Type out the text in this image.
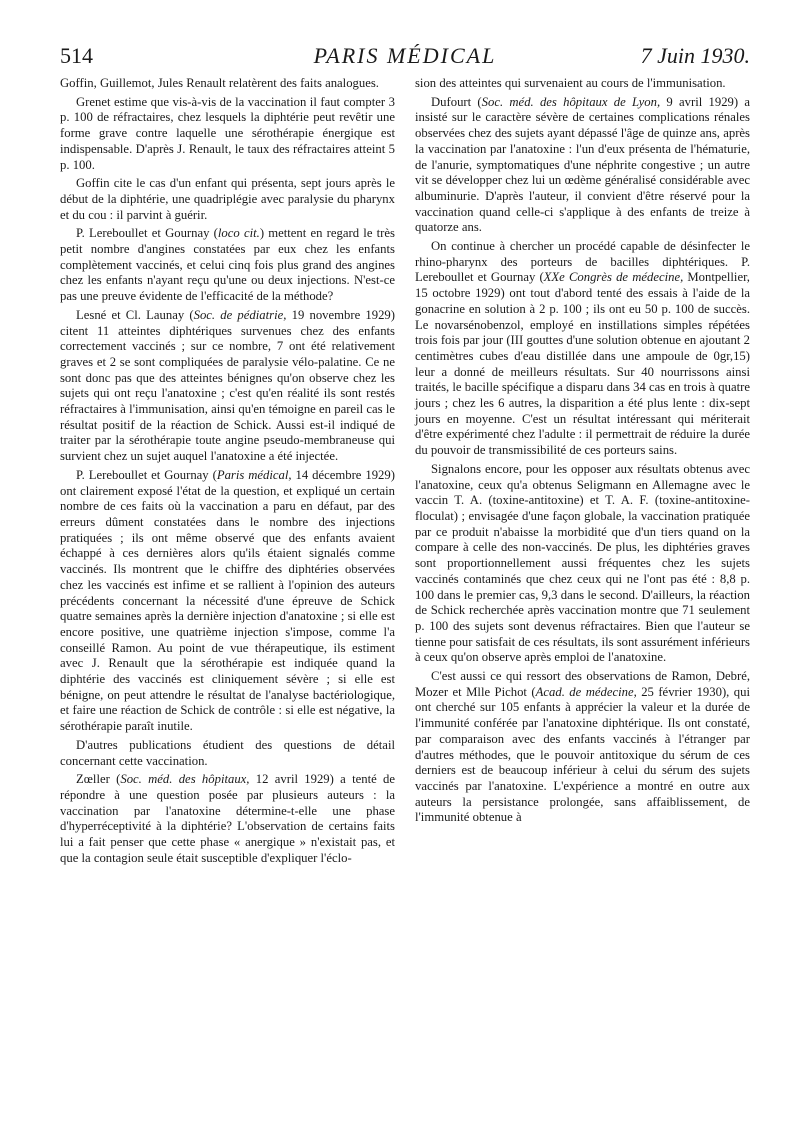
514	PARIS MÉDICAL	7 Juin 1930.

Goffin, Guillemot, Jules Renault relatèrent des faits analogues.

Grenet estime que vis-à-vis de la vaccination il faut compter 3 p. 100 de réfractaires, chez lesquels la diphtérie peut revêtir une forme grave contre laquelle une sérothérapie énergique est indispensable. D'après J. Renault, le taux des réfractaires atteint 5 p. 100.

Goffin cite le cas d'un enfant qui présenta, sept jours après le début de la diphtérie, une quadriplégie avec paralysie du pharynx et du cou : il parvint à guérir.

P. Lereboullet et Gournay (loco cit.) mettent en regard le très petit nombre d'angines constatées par eux chez les enfants complètement vaccinés, et celui cinq fois plus grand des angines chez les enfants n'ayant reçu qu'une ou deux injections. N'est-ce pas une preuve évidente de l'efficacité de la méthode?

Lesné et Cl. Launay (Soc. de pédiatrie, 19 novembre 1929) citent 11 atteintes diphtériques survenues chez des enfants correctement vaccinés ; sur ce nombre, 7 ont été relativement graves et 2 se sont compliquées de paralysie vélo-palatine. Ce ne sont donc pas que des atteintes bénignes qu'on observe chez les sujets qui ont reçu l'anatoxine ; c'est qu'en réalité ils sont restés réfractaires à l'immunisation, ainsi qu'en témoigne en pareil cas le résultat positif de la réaction de Schick. Aussi est-il indiqué de traiter par la sérothérapie toute angine pseudo-membraneuse qui survient chez un sujet auquel l'anatoxine a été injectée.

P. Lereboullet et Gournay (Paris médical, 14 décembre 1929) ont clairement exposé l'état de la question, et expliqué un certain nombre de ces faits où la vaccination a paru en défaut, par des erreurs dûment constatées dans le nombre des injections pratiquées ; ils ont même observé que des enfants avaient échappé à ces dernières alors qu'ils étaient signalés comme vaccinés. Ils montrent que le chiffre des diphtéries observées chez les vaccinés est infime et se rallient à l'opinion des auteurs précédents concernant la nécessité d'une épreuve de Schick quatre semaines après la dernière injection d'anatoxine ; si elle est encore positive, une quatrième injection s'impose, comme l'a conseillé Ramon. Au point de vue thérapeutique, ils estiment avec J. Renault que la sérothérapie est indiquée quand la diphtérie des vaccinés est cliniquement sévère ; si elle est bénigne, on peut attendre le résultat de l'analyse bactériologique, et faire une réaction de Schick de contrôle : si elle est négative, la sérothérapie paraît inutile.

D'autres publications étudient des questions de détail concernant cette vaccination.

Zœller (Soc. méd. des hôpitaux, 12 avril 1929) a tenté de répondre à une question posée par plusieurs auteurs : la vaccination par l'anatoxine détermine-t-elle une phase d'hyperréceptivité à la diphtérie? L'observation de certains faits lui a fait penser que cette phase « anergique » n'existait pas, et que la contagion seule était susceptible d'expliquer l'éclo-

sion des atteintes qui survenaient au cours de l'immunisation.

Dufourt (Soc. méd. des hôpitaux de Lyon, 9 avril 1929) a insisté sur le caractère sévère de certaines complications rénales observées chez des sujets ayant dépassé l'âge de quinze ans, après la vaccination par l'anatoxine : l'un d'eux présenta de l'hématurie, de l'anurie, symptomatiques d'une néphrite congestive ; un autre vit se développer chez lui un œdème généralisé considérable avec albuminurie. D'après l'auteur, il convient d'être réservé pour la vaccination quand celle-ci s'applique à des enfants de treize à quatorze ans.

On continue à chercher un procédé capable de désinfecter le rhino-pharynx des porteurs de bacilles diphtériques. P. Lereboullet et Gournay (XXe Congrès de médecine, Montpellier, 15 octobre 1929) ont tout d'abord tenté des essais à l'aide de la gonacrine en solution à 2 p. 100 ; ils ont eu 50 p. 100 de succès. Le novarsénobenzol, employé en instillations simples répétées trois fois par jour (III gouttes d'une solution obtenue en ajoutant 2 centimètres cubes d'eau distillée dans une ampoule de 0gr,15) leur a donné de meilleurs résultats. Sur 40 nourrissons ainsi traités, le bacille spécifique a disparu dans 34 cas en trois à quatre jours ; chez les 6 autres, la disparition a été plus lente : dix-sept jours en moyenne. C'est un résultat intéressant qui mériterait d'être expérimenté chez l'adulte : il permettrait de réduire la durée du pouvoir de transmissibilité de ces porteurs sains.

Signalons encore, pour les opposer aux résultats obtenus avec l'anatoxine, ceux qu'a obtenus Seligmann en Allemagne avec le vaccin T. A. (toxine-antitoxine) et T. A. F. (toxine-antitoxine-floculat) ; envisagée d'une façon globale, la vaccination pratiquée par ce produit n'abaisse la morbidité que d'un tiers quand on la compare à celle des non-vaccinés. De plus, les diphtéries graves sont proportionnellement aussi fréquentes chez les sujets vaccinés contaminés que chez ceux qui ne l'ont pas été : 8,8 p. 100 dans le premier cas, 9,3 dans le second. D'ailleurs, la réaction de Schick recherchée après vaccination montre que 71 seulement p. 100 des sujets sont devenus réfractaires. Bien que l'auteur se tienne pour satisfait de ces résultats, ils sont assurément inférieurs à ceux qu'on observe après emploi de l'anatoxine.

C'est aussi ce qui ressort des observations de Ramon, Debré, Mozer et Mlle Pichot (Acad. de médecine, 25 février 1930), qui ont cherché sur 105 enfants à apprécier la valeur et la durée de l'immunité conférée par l'anatoxine diphtérique. Ils ont constaté, par comparaison avec des enfants vaccinés à l'étranger par d'autres méthodes, que le pouvoir antitoxique du sérum de ces derniers est de beaucoup inférieur à celui du sérum des sujets vaccinés par l'anatoxine. L'expérience a montré en outre aux auteurs la persistance prolongée, sans affaiblissement, de l'immunité obtenue à
